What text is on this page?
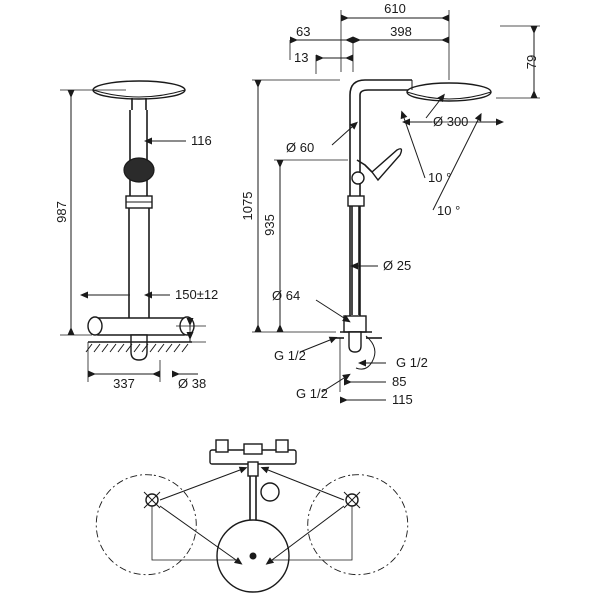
987
116
150±12
337	Ø 38
610
63	398
13	79
1075
935
Ø 60
Ø 300
10 °
10 °
Ø 25
Ø 64
G 1/2
G 1/2
G 1/2
85
115
